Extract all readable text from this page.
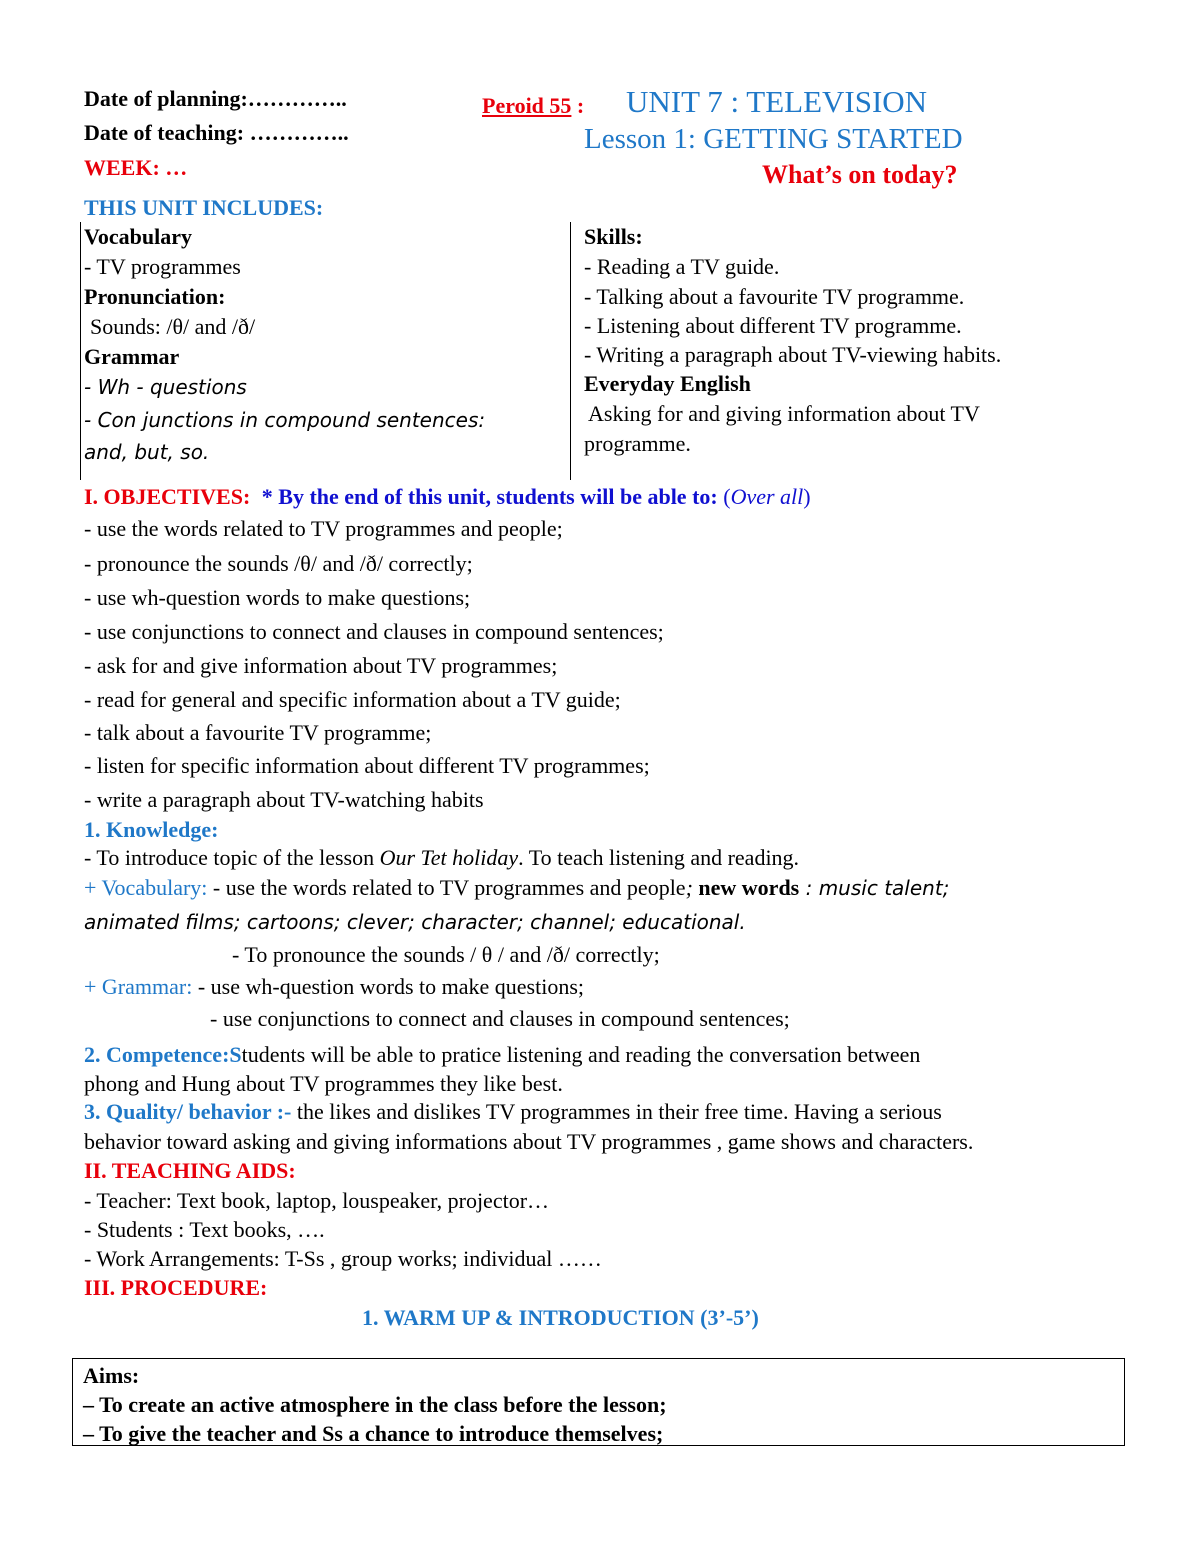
Date of planning:…………..
Date of teaching: …………..
WEEK: …
Peroid 55 : UNIT 7 : TELEVISION
Lesson 1: GETTING STARTED
What’s on today?
THIS UNIT INCLUDES:
Vocabulary
- TV programmes
Pronunciation:
Sounds: /θ/ and /ð/
Grammar
- Wh - questions
- Con junctions in compound sentences:
and, but, so.
Skills:
- Reading a TV guide.
- Talking about a favourite TV programme.
- Listening about different TV programme.
- Writing a paragraph about TV-viewing habits.
Everyday English
Asking for and giving information about TV
programme.
I. OBJECTIVES: * By the end of this unit, students will be able to: (Over all)
- use the words related to TV programmes and people;
- pronounce the sounds /θ/ and /ð/ correctly;
- use wh-question words to make questions;
- use conjunctions to connect and clauses in compound sentences;
- ask for and give information about TV programmes;
- read for general and specific information about a TV guide;
- talk about a favourite TV programme;
- listen for specific information about different TV programmes;
- write a paragraph about TV-watching habits
1. Knowledge:
- To introduce topic of the lesson Our Tet holiday. To teach listening and reading.
+ Vocabulary: - use the words related to TV programmes and people; new words : music talent;
animated films; cartoons; clever; character; channel; educational.
- To pronounce the sounds / θ / and /ð/ correctly;
+ Grammar: - use wh-question words to make questions;
- use conjunctions to connect and clauses in compound sentences;
2. Competence:Students will be able to pratice listening and reading the conversation between
phong and Hung about TV programmes they like best.
3. Quality/ behavior :- the likes and dislikes TV programmes in their free time. Having a serious
behavior toward asking and giving informations about TV programmes , game shows and characters.
II. TEACHING AIDS:
- Teacher: Text book, laptop, louspeaker, projector…
- Students : Text books, ….
- Work Arrangements: T-Ss , group works; individual ……
III. PROCEDURE:
1. WARM UP & INTRODUCTION (3’-5’)
Aims:
– To create an active atmosphere in the class before the lesson;
– To give the teacher and Ss a chance to introduce themselves;
